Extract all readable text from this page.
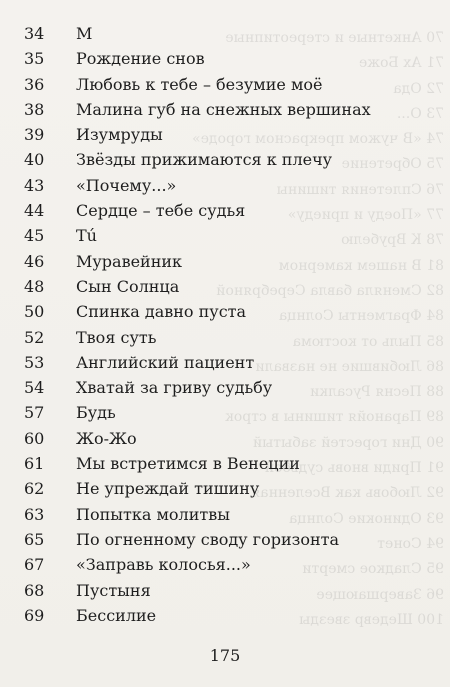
70 Анкетные и стереотипные
71 Ах Боже
72 Ода
73 О...
74 «В чужом прекрасном городе»
75 Обретение
76 Сплетения тишины
77 «Поеду и приеду»
78 К Врубелю
81 В нашем камерном
82 Сменяла бавла Серебряной
84 Фрагменты Солнца
85 Пыль от костюма
86 Любившие не назвали
88 Песня Русалки
89 Паранойя тишины в строк
90 Дни горестей забытый
91 Приди вновь судьбой
92 Любовь как Вселенная
93 Одинокие Солнца
94 Сонет
95 Сладкое смерти
96 Завершающее
100 Шедевр звезды
34	М
35	Рождение снов
36	Любовь к тебе – безумие моё
38	Малина губ на снежных вершинах
39	Изумруды
40	Звёзды прижимаются к плечу
43	«Почему...»
44	Сердце – тебе судья
45	Tú
46	Муравейник
48	Сын Солнца
50	Спинка давно пуста
52	Твоя суть
53	Английский пациент
54	Хватай за гриву судьбу
57	Будь
60	Жо-Жо
61	Мы встретимся в Венеции
62	Не упреждай тишину
63	Попытка молитвы
65	По огненному своду горизонта
67	«Заправь колосья...»
68	Пустыня
69	Бессилие
175
